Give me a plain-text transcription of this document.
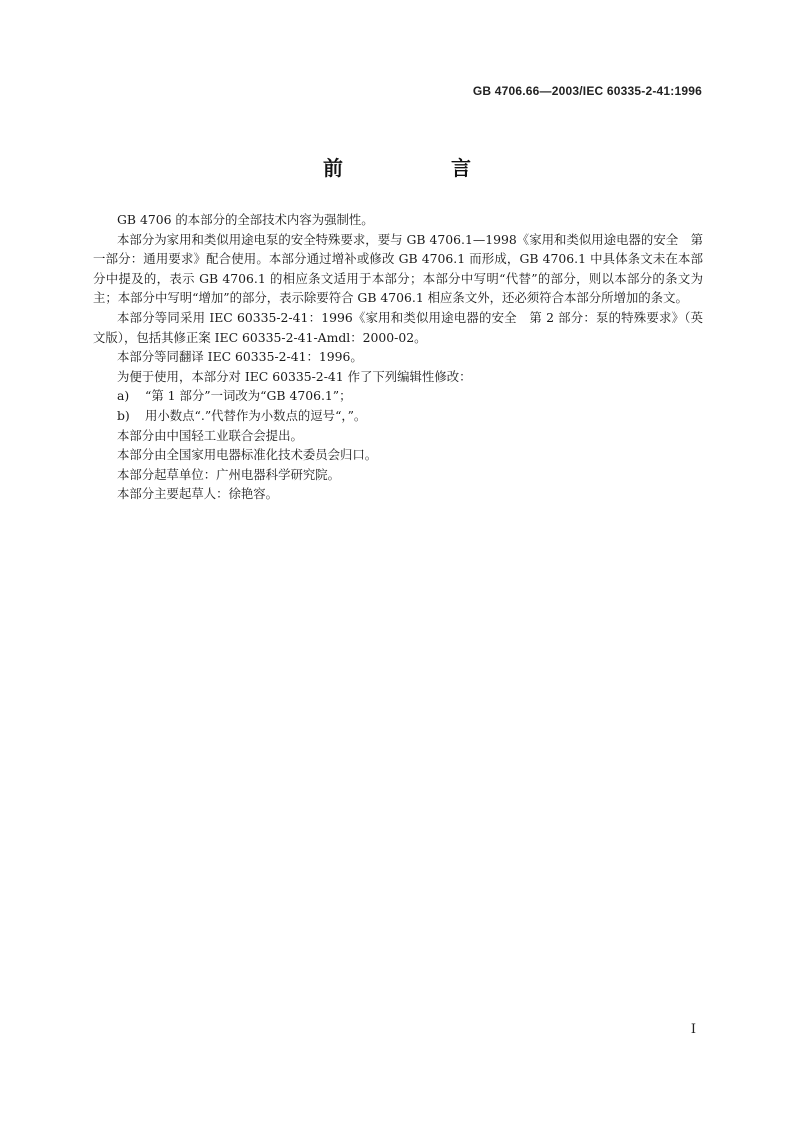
GB 4706.66—2003/IEC 60335-2-41:1996
前　言

GB 4706 的本部分的全部技术内容为强制性。

本部分为家用和类似用途电泵的安全特殊要求，要与 GB 4706.1—1998《家用和类似用途电器的安全　第一部分：通用要求》配合使用。本部分通过增补或修改 GB 4706.1 而形成，GB 4706.1 中具体条文未在本部分中提及的，表示 GB 4706.1 的相应条文适用于本部分；本部分中写明“代替”的部分，则以本部分的条文为主；本部分中写明“增加”的部分，表示除要符合 GB 4706.1 相应条文外，还必须符合本部分所增加的条文。

本部分等同采用 IEC 60335-2-41：1996《家用和类似用途电器的安全　第 2 部分：泵的特殊要求》（英文版），包括其修正案 IEC 60335-2-41-Amdl：2000-02。

本部分等同翻译 IEC 60335-2-41：1996。

为便于使用，本部分对 IEC 60335-2-41 作了下列编辑性修改：

a) “第 1 部分”一词改为“GB 4706.1”；

b) 用小数点“.”代替作为小数点的逗号“，”。

本部分由中国轻工业联合会提出。

本部分由全国家用电器标准化技术委员会归口。

本部分起草单位：广州电器科学研究院。

本部分主要起草人：徐艳容。

I
